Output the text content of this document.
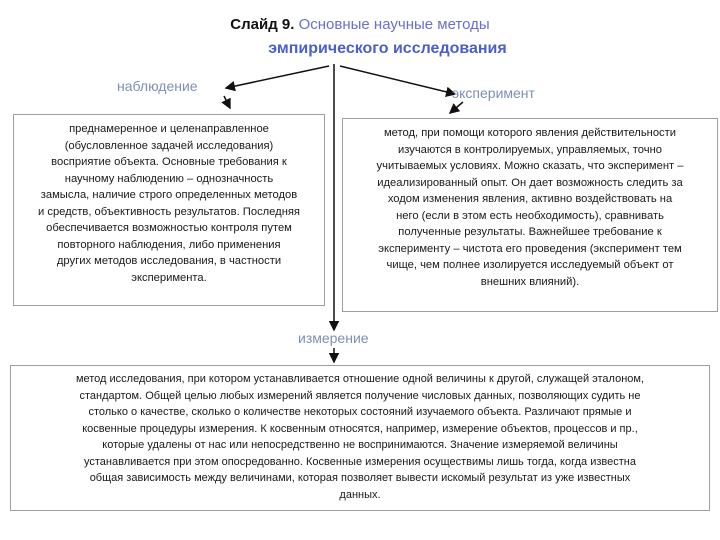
Слайд 9. Основные научные методы
эмпирического исследования
наблюдение	эксперимент
измерение
преднамеренное и целенаправленное
(обусловленное задачей исследования)
восприятие объекта. Основные требования к
научному наблюдению – однозначность
замысла, наличие строго определенных методов
и средств, объективность результатов. Последняя
обеспечивается возможностью контроля путем
повторного наблюдения, либо применения
других методов исследования, в частности
эксперимента.
метод, при помощи которого явления действительности
изучаются в контролируемых, управляемых, точно
учитываемых условиях. Можно сказать, что эксперимент –
идеализированный опыт. Он дает возможность следить за
ходом изменения явления, активно воздействовать на
него (если в этом есть необходимость), сравнивать
полученные результаты. Важнейшее требование к
эксперименту – чистота его проведения (эксперимент тем
чище, чем полнее изолируется исследуемый объект от
внешних влияний).
метод исследования, при котором устанавливается отношение одной величины к другой, служащей эталоном,
стандартом. Общей целью любых измерений является получение числовых данных, позволяющих судить не
столько о качестве, сколько о количестве некоторых состояний изучаемого объекта. Различают прямые и
косвенные процедуры измерения. К косвенным относятся, например, измерение объектов, процессов и пр.,
которые удалены от нас или непосредственно не воспринимаются. Значение измеряемой величины
устанавливается при этом опосредованно. Косвенные измерения осуществимы лишь тогда, когда известна
общая зависимость между величинами, которая позволяет вывести искомый результат из уже известных
данных.
